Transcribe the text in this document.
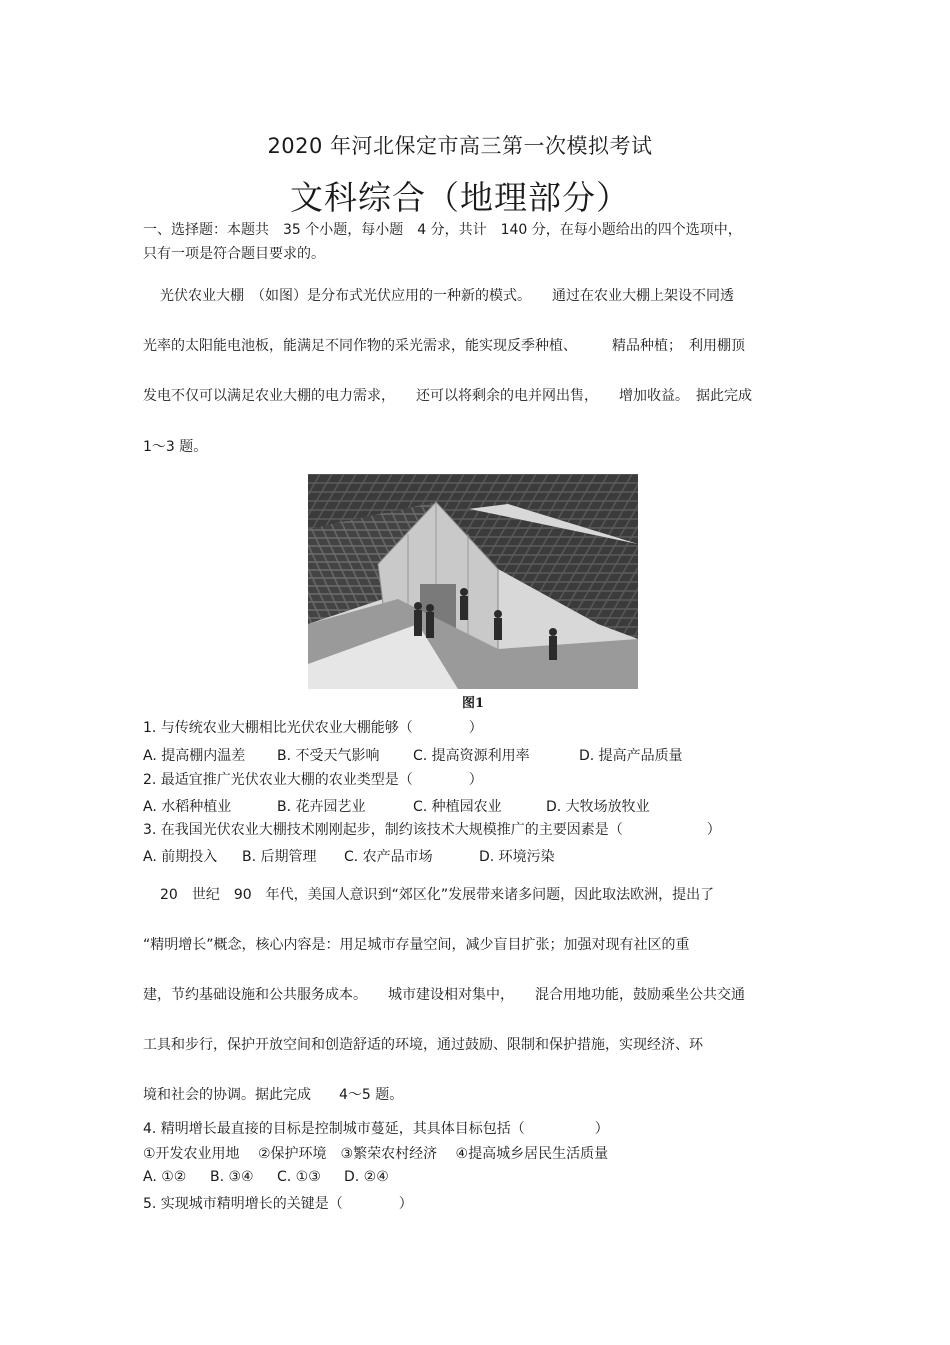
2020 年河北保定市高三第一次模拟考试
文科综合（地理部分）
一、选择题：本题共　35 个小题，每小题　4 分，共计　140 分，在每小题给出的四个选项中，
只有一项是符合题目要求的。
光伏农业大棚　（如图）是分布式光伏应用的一种新的模式。　　通过在农业大棚上架设不同透
光率的太阳能电池板，能满足不同作物的采光需求，能实现反季种植、　　　精品种植；　利用棚顶
发电不仅可以满足农业大棚的电力需求，　　还可以将剩余的电并网出售，　　增加收益。　据此完成
1～3 题。
图1
1. 与传统农业大棚相比光伏农业大棚能够（　　　　）
A. 提高棚内温差 B. 不受天气影响 C. 提高资源利用率	D. 提高产品质量
2. 最适宜推广光伏农业大棚的农业类型是（　　　　）
A. 水稻种植业	B. 花卉园艺业	C. 种植园农业	D. 大牧场放牧业
3. 在我国光伏农业大棚技术刚刚起步，制约该技术大规模推广的主要因素是（　　　　　　）
A. 前期投入 B. 后期管理 C. 农产品市场	D. 环境污染
20　世纪　90　年代，美国人意识到“郊区化”发展带来诸多问题，因此取法欧洲，提出了
“精明增长”概念，核心内容是：用足城市存量空间，减少盲目扩张；加强对现有社区的重
建，节约基础设施和公共服务成本。　　城市建设相对集中，　　混合用地功能，鼓励乘坐公共交通
工具和步行，保护开放空间和创造舒适的环境，通过鼓励、限制和保护措施，实现经济、环
境和社会的协调。据此完成　　4～5 题。
4. 精明增长最直接的目标是控制城市蔓延，其具体目标包括（　　　　　）
①开发农业用地　 ②保护环境　③繁荣农村经济　 ④提高城乡居民生活质量
A. ①② B. ③④ C. ①③ D. ②④
5. 实现城市精明增长的关键是（　　　　）
